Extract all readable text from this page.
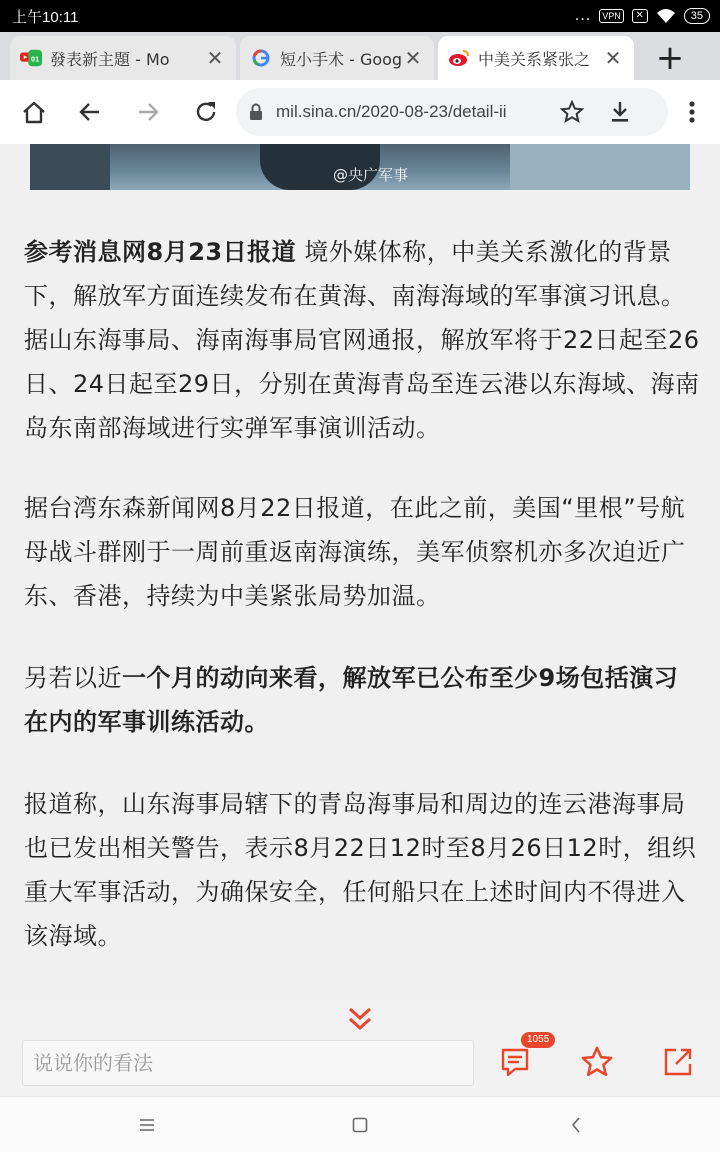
上午10:11	...	VPN	✕	35
01 發表新主題 - Mo	✕	短小手术 - Goog ✕	中美关系紧张之 ✕ +
mil.sina.cn/2020-08-23/detail-ii
@央广军事

参考消息网8月23日报道 境外媒体称，中美关系激化的背景下，解放军方面连续发布在黄海、南海海域的军事演习讯息。据山东海事局、海南海事局官网通报，解放军将于22日起至26日、24日起至29日，分别在黄海青岛至连云港以东海域、海南岛东南部海域进行实弹军事演训活动。

据台湾东森新闻网8月22日报道，在此之前，美国“里根”号航母战斗群刚于一周前重返南海演练，美军侦察机亦多次迫近广东、香港，持续为中美紧张局势加温。

另若以近一个月的动向来看，解放军已公布至少9场包括演习在内的军事训练活动。

报道称，山东海事局辖下的青岛海事局和周边的连云港海事局也已发出相关警告，表示8月22日12时至8月26日12时，组织重大军事活动，为确保安全，任何船只在上述时间内不得进入该海域。

说说你的看法
1055
